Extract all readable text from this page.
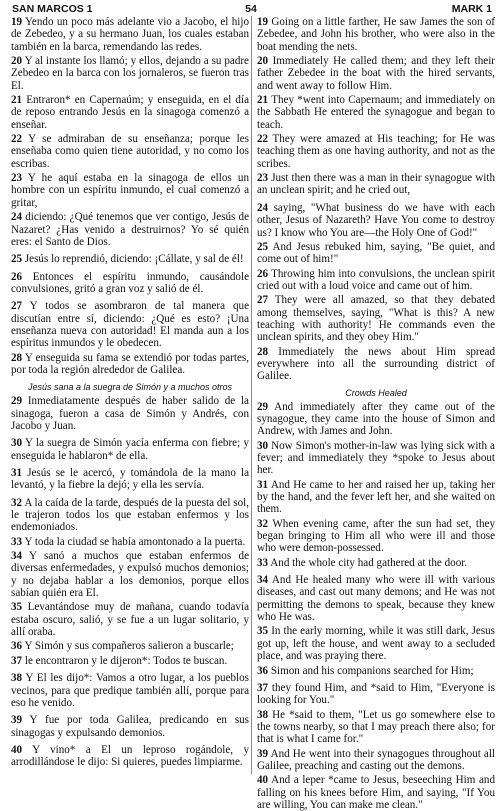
SAN MARCOS 1	54	MARK 1

19 Yendo un poco más adelante vio a Jacobo, el hijo de Zebedeo, y a su hermano Juan, los cuales estaban también en la barca, remendando las redes.

20 Y al instante los llamó; y ellos, dejando a su padre Zebedeo en la barca con los jornaleros, se fueron tras El.

21 Entraron* en Capernaúm; y enseguida, en el día de reposo entrando Jesús en la sinagoga comenzó a enseñar.

22 Y se admiraban de su enseñanza; porque les enseñaba como quien tiene autoridad, y no como los escribas.

23 Y he aquí estaba en la sinagoga de ellos un hombre con un espíritu inmundo, el cual comenzó a gritar,

24 diciendo: ¿Qué tenemos que ver contigo, Jesús de Nazaret? ¿Has venido a destruirnos? Yo sé quién eres: el Santo de Dios.

25 Jesús lo reprendió, diciendo: ¡Cállate, y sal de él!

26 Entonces el espíritu inmundo, causándole convulsiones, gritó a gran voz y salió de él.

27 Y todos se asombraron de tal manera que discutían entre sí, diciendo: ¿Qué es esto? ¡Una enseñanza nueva con autoridad! El manda aun a los espíritus inmundos y le obedecen.

28 Y enseguida su fama se extendió por todas partes, por toda la región alrededor de Galilea.

Jesús sana a la suegra de Simón y a muchos otros

29 Inmediatamente después de haber salido de la sinagoga, fueron a casa de Simón y Andrés, con Jacobo y Juan.

30 Y la suegra de Simón yacía enferma con fiebre; y enseguida le hablaron* de ella.

31 Jesús se le acercó, y tomándola de la mano la levantó, y la fiebre la dejó; y ella les servía.

32 A la caída de la tarde, después de la puesta del sol, le trajeron todos los que estaban enfermos y los endemoniados.

33 Y toda la ciudad se había amontonado a la puerta.

34 Y sanó a muchos que estaban enfermos de diversas enfermedades, y expulsó muchos demonios; y no dejaba hablar a los demonios, porque ellos sabían quién era El.

35 Levantándose muy de mañana, cuando todavía estaba oscuro, salió, y se fue a un lugar solitario, y allí oraba.

36 Y Simón y sus compañeros salieron a buscarle;

37 le encontraron y le dijeron*: Todos te buscan.

38 Y El les dijo*: Vamos a otro lugar, a los pueblos vecinos, para que predique también allí, porque para eso he venido.

39 Y fue por toda Galilea, predicando en sus sinagogas y expulsando demonios.

40 Y vino* a El un leproso rogándole, y arrodillándose le dijo: Si quieres, puedes limpiarme.

19 Going on a little farther, He saw James the son of Zebedee, and John his brother, who were also in the boat mending the nets.

20 Immediately He called them; and they left their father Zebedee in the boat with the hired servants, and went away to follow Him.

21 They *went into Capernaum; and immediately on the Sabbath He entered the synagogue and began to teach.

22 They were amazed at His teaching; for He was teaching them as one having authority, and not as the scribes.

23 Just then there was a man in their synagogue with an unclean spirit; and he cried out,

24 saying, "What business do we have with each other, Jesus of Nazareth? Have You come to destroy us? I know who You are—the Holy One of God!"

25 And Jesus rebuked him, saying, "Be quiet, and come out of him!"

26 Throwing him into convulsions, the unclean spirit cried out with a loud voice and came out of him.

27 They were all amazed, so that they debated among themselves, saying, "What is this? A new teaching with authority! He commands even the unclean spirits, and they obey Him."

28 Immediately the news about Him spread everywhere into all the surrounding district of Galilee.

Crowds Healed

29 And immediately after they came out of the synagogue, they came into the house of Simon and Andrew, with James and John.

30 Now Simon's mother-in-law was lying sick with a fever; and immediately they *spoke to Jesus about her.

31 And He came to her and raised her up, taking her by the hand, and the fever left her, and she waited on them.

32 When evening came, after the sun had set, they began bringing to Him all who were ill and those who were demon-possessed.

33 And the whole city had gathered at the door.

34 And He healed many who were ill with various diseases, and cast out many demons; and He was not permitting the demons to speak, because they knew who He was.

35 In the early morning, while it was still dark, Jesus got up, left the house, and went away to a secluded place, and was praying there.

36 Simon and his companions searched for Him;

37 they found Him, and *said to Him, "Everyone is looking for You."

38 He *said to them, "Let us go somewhere else to the towns nearby, so that I may preach there also; for that is what I came for."

39 And He went into their synagogues throughout all Galilee, preaching and casting out the demons.

40 And a leper *came to Jesus, beseeching Him and falling on his knees before Him, and saying, "If You are willing, You can make me clean."
